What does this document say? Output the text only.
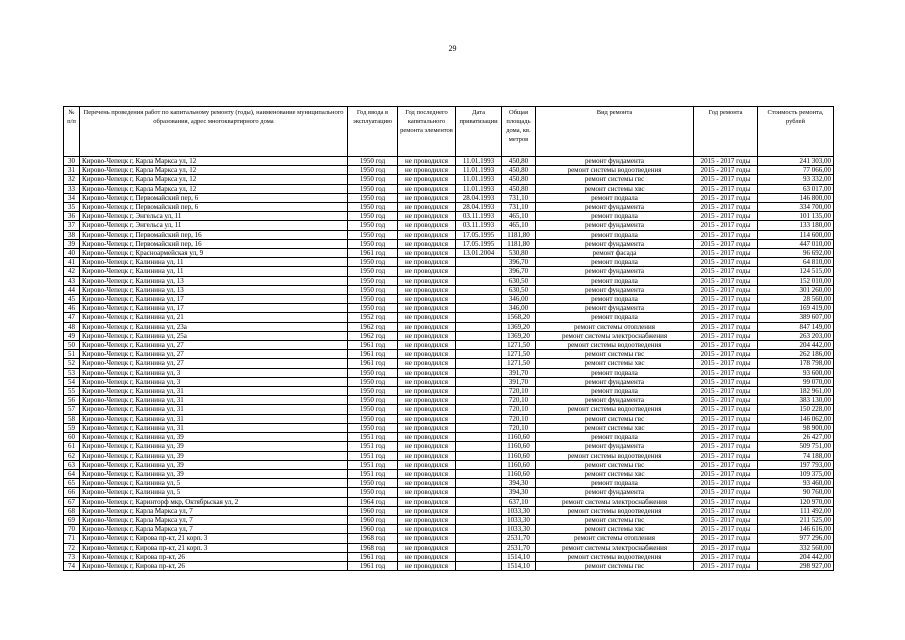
29
№ п/п	Перечень проведения работ по капитальному ремонту (годы), наименование муниципального образования, адрес многоквартирного дома	Год ввода в эксплуатацию	Год последнего капитального ремонта элементов	Дата приватизации	Общая площадь дома, кв. метров	Вид ремонта	Год ремонта	Стоимость ремонта, рублей
30	Кирово-Чепецк г, Карла Маркса ул, 12	1950 год	не проводился	11.01.1993	450,80	ремонт фундамента	2015 - 2017 годы	241 303,00
31	Кирово-Чепецк г, Карла Маркса ул, 12	1950 год	не проводился	11.01.1993	450,80	ремонт системы водоотведения	2015 - 2017 годы	77 066,00
32	Кирово-Чепецк г, Карла Маркса ул, 12	1950 год	не проводился	11.01.1993	450,80	ремонт системы гвс	2015 - 2017 годы	93 332,00
33	Кирово-Чепецк г, Карла Маркса ул, 12	1950 год	не проводился	11.01.1993	450,80	ремонт системы хвс	2015 - 2017 годы	63 017,00
34	Кирово-Чепецк г, Первомайский пер, 6	1950 год	не проводился	28.04.1993	731,10	ремонт подвала	2015 - 2017 годы	146 800,00
35	Кирово-Чепецк г, Первомайский пер, 6	1950 год	не проводился	28.04.1993	731,10	ремонт фундамента	2015 - 2017 годы	334 700,00
36	Кирово-Чепецк г, Энгельса ул, 11	1950 год	не проводился	03.11.1993	465,10	ремонт подвала	2015 - 2017 годы	101 135,00
37	Кирово-Чепецк г, Энгельса ул, 11	1950 год	не проводился	03.11.1993	465,10	ремонт фундамента	2015 - 2017 годы	133 180,00
38	Кирово-Чепецк г, Первомайский пер, 16	1950 год	не проводился	17.05.1995	1181,80	ремонт подвала	2015 - 2017 годы	114 600,00
39	Кирово-Чепецк г, Первомайский пер, 16	1950 год	не проводился	17.05.1995	1181,80	ремонт фундамента	2015 - 2017 годы	447 010,00
40	Кирово-Чепецк г, Красноармейская ул, 9	1961 год	не проводился	13.01.2004	530,80	ремонт фасада	2015 - 2017 годы	96 692,00
41	Кирово-Чепецк г, Калинина ул, 11	1950 год	не проводился		396,70	ремонт подвала	2015 - 2017 годы	64 810,00
42	Кирово-Чепецк г, Калинина ул, 11	1950 год	не проводился		396,70	ремонт фундамента	2015 - 2017 годы	124 515,00
43	Кирово-Чепецк г, Калинина ул, 13	1950 год	не проводился		630,50	ремонт подвала	2015 - 2017 годы	152 010,00
44	Кирово-Чепецк г, Калинина ул, 13	1950 год	не проводился		630,50	ремонт фундамента	2015 - 2017 годы	301 260,00
45	Кирово-Чепецк г, Калинина ул, 17	1950 год	не проводился		346,00	ремонт подвала	2015 - 2017 годы	28 560,00
46	Кирово-Чепецк г, Калинина ул, 17	1950 год	не проводился		346,00	ремонт фундамента	2015 - 2017 годы	169 419,00
47	Кирово-Чепецк г, Калинина ул, 21	1952 год	не проводился		1568,20	ремонт подвала	2015 - 2017 годы	389 607,00
48	Кирово-Чепецк г, Калинина ул, 23а	1962 год	не проводился		1369,20	ремонт системы отопления	2015 - 2017 годы	847 149,00
49	Кирово-Чепецк г, Калинина ул, 25а	1962 год	не проводился		1369,20	ремонт системы электроснабжения	2015 - 2017 годы	263 203,00
50	Кирово-Чепецк г, Калинина ул, 27	1961 год	не проводился		1271,50	ремонт системы водоотведения	2015 - 2017 годы	204 442,00
51	Кирово-Чепецк г, Калинина ул, 27	1961 год	не проводился		1271,50	ремонт системы гвс	2015 - 2017 годы	262 186,00
52	Кирово-Чепецк г, Калинина ул, 27	1961 год	не проводился		1271,50	ремонт системы хвс	2015 - 2017 годы	178 798,00
53	Кирово-Чепецк г, Калинина ул, 3	1950 год	не проводился		391,70	ремонт подвала	2015 - 2017 годы	93 600,00
54	Кирово-Чепецк г, Калинина ул, 3	1950 год	не проводился		391,70	ремонт фундамента	2015 - 2017 годы	99 070,00
55	Кирово-Чепецк г, Калинина ул, 31	1950 год	не проводился		720,10	ремонт подвала	2015 - 2017 годы	182 961,00
56	Кирово-Чепецк г, Калинина ул, 31	1950 год	не проводился		720,10	ремонт фундамента	2015 - 2017 годы	383 130,00
57	Кирово-Чепецк г, Калинина ул, 31	1950 год	не проводился		720,10	ремонт системы водоотведения	2015 - 2017 годы	150 228,00
58	Кирово-Чепецк г, Калинина ул, 31	1950 год	не проводился		720,10	ремонт системы гвс	2015 - 2017 годы	146 062,00
59	Кирово-Чепецк г, Калинина ул, 31	1950 год	не проводился		720,10	ремонт системы хвс	2015 - 2017 годы	98 900,00
60	Кирово-Чепецк г, Калинина ул, 39	1951 год	не проводился		1160,60	ремонт подвала	2015 - 2017 годы	26 427,00
61	Кирово-Чепецк г, Калинина ул, 39	1951 год	не проводился		1160,60	ремонт фундамента	2015 - 2017 годы	509 751,00
62	Кирово-Чепецк г, Калинина ул, 39	1951 год	не проводился		1160,60	ремонт системы водоотведения	2015 - 2017 годы	74 188,00
63	Кирово-Чепецк г, Калинина ул, 39	1951 год	не проводился		1160,60	ремонт системы гвс	2015 - 2017 годы	197 793,00
64	Кирово-Чепецк г, Калинина ул, 39	1951 год	не проводился		1160,60	ремонт системы хвс	2015 - 2017 годы	109 375,00
65	Кирово-Чепецк г, Калинина ул, 5	1950 год	не проводился		394,30	ремонт подвала	2015 - 2017 годы	93 460,00
66	Кирово-Чепецк г, Калинина ул, 5	1950 год	не проводился		394,30	ремонт фундамента	2015 - 2017 годы	90 760,00
67	Кирово-Чепецк г, Каринторф мкр, Октябрьская ул, 2	1964 год	не проводился		637,10	ремонт системы электроснабжения	2015 - 2017 годы	120 970,00
68	Кирово-Чепецк г, Карла Маркса ул, 7	1960 год	не проводился		1033,30	ремонт системы водоотведения	2015 - 2017 годы	111 492,00
69	Кирово-Чепецк г, Карла Маркса ул, 7	1960 год	не проводился		1033,30	ремонт системы гвс	2015 - 2017 годы	211 525,00
70	Кирово-Чепецк г, Карла Маркса ул, 7	1960 год	не проводился		1033,30	ремонт системы хвс	2015 - 2017 годы	146 616,00
71	Кирово-Чепецк г, Кирова пр-кт, 21 корп. 3	1968 год	не проводился		2531,70	ремонт системы отопления	2015 - 2017 годы	977 296,00
72	Кирово-Чепецк г, Кирова пр-кт, 21 корп. 3	1968 год	не проводился		2531,70	ремонт системы электроснабжения	2015 - 2017 годы	332 560,00
73	Кирово-Чепецк г, Кирова пр-кт, 26	1961 год	не проводился		1514,10	ремонт системы водоотведения	2015 - 2017 годы	204 442,00
74	Кирово-Чепецк г, Кирова пр-кт, 26	1961 год	не проводился		1514,10	ремонт системы гвс	2015 - 2017 годы	298 927,00
